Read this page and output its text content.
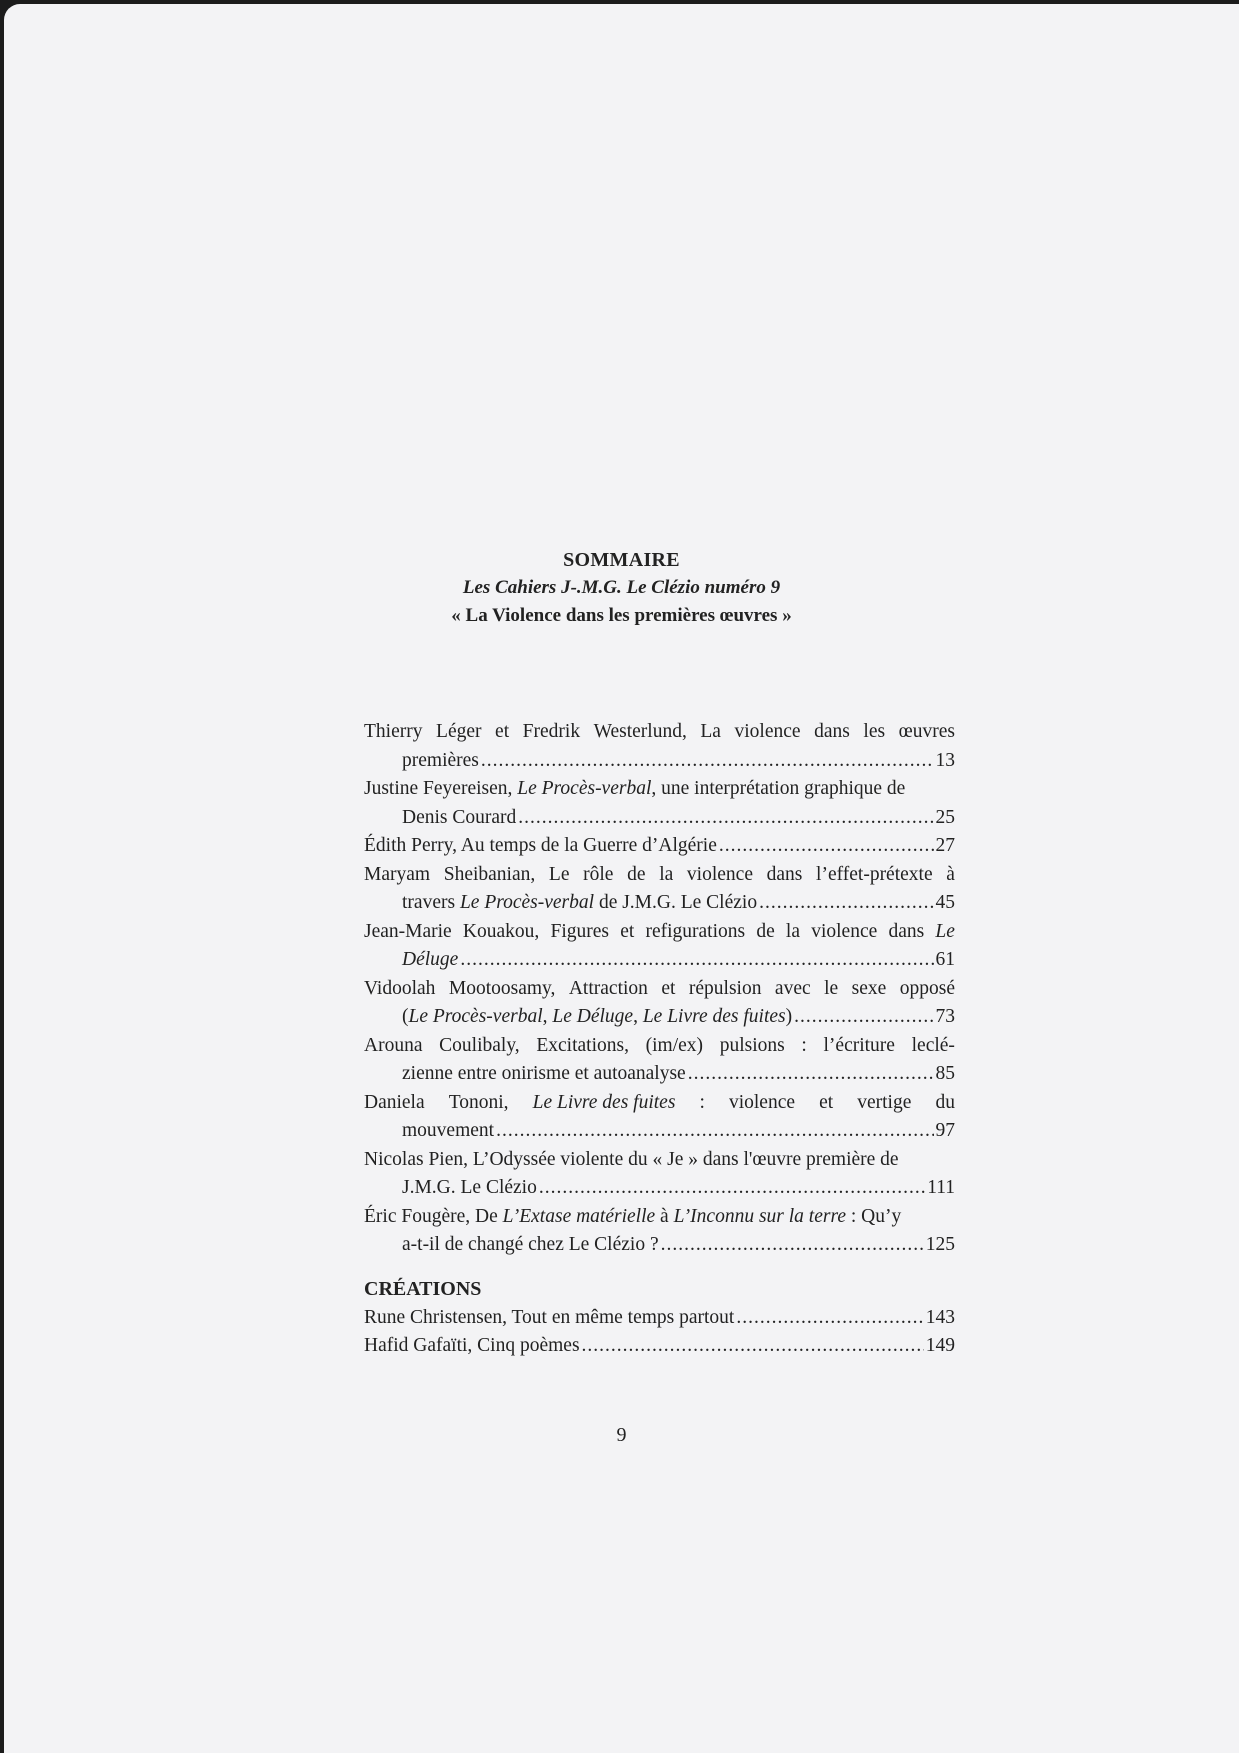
SOMMAIRE
Les Cahiers J-.M.G. Le Clézio numéro 9
« La Violence dans les premières œuvres »
Thierry Léger et Fredrik Westerlund, La violence dans les œuvres
premières .....	13
Justine Feyereisen, Le Procès-verbal , une interprétation graphique de
Denis Courard .....	25
Édith Perry, Au temps de la Guerre d’Algérie .....	27
Maryam Sheibanian, Le rôle de la violence dans l’effet-prétexte à
travers Le Procès-verbal de J.M.G. Le Clézio .....	45
Jean-Marie Kouakou, Figures et refigurations de la violence dans Le
Déluge .....	61
Vidoolah Mootoosamy, Attraction et répulsion avec le sexe opposé
( Le Procès-verbal , Le Déluge , Le Livre des fuites ) .....	73
Arouna Coulibaly, Excitations, (im/ex) pulsions : l’écriture leclé-
zienne entre onirisme et autoanalyse .....	85
Daniela Tononi, Le Livre des fuites : violence et vertige du
mouvement .....	97
Nicolas Pien, L’Odyssée violente du « Je » dans l'œuvre première de
J.M.G. Le Clézio .....	111
Éric Fougère, De L’Extase matérielle à L’Inconnu sur la terre : Qu’y
a-t-il de changé chez Le Clézio ? .....	125
CRÉATIONS
Rune Christensen, Tout en même temps partout .....	143
Hafid Gafaïti, Cinq poèmes .....	149
9
